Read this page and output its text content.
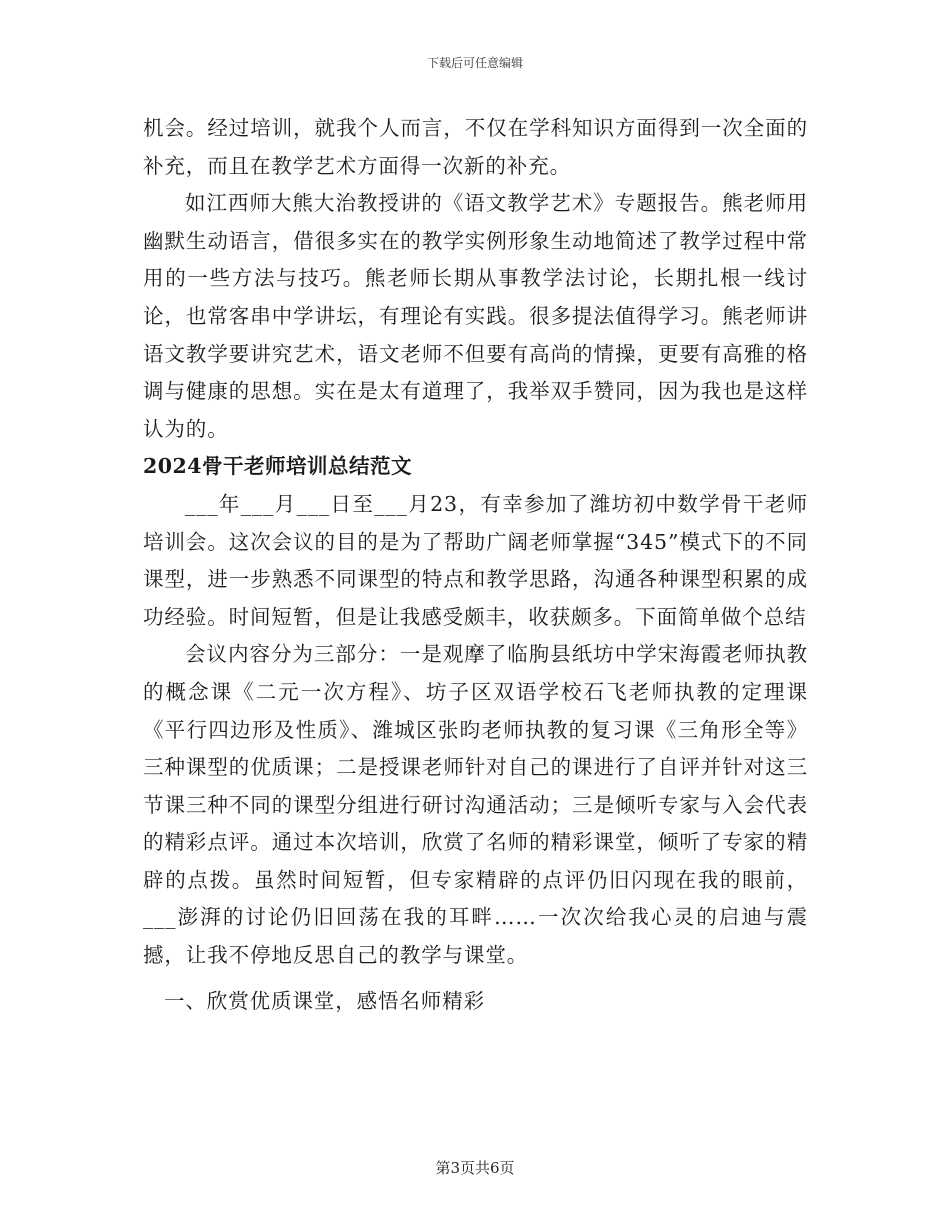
下载后可任意编辑

机会。经过培训，就我个人而言，不仅在学科知识方面得到一次全面的补充，而且在教学艺术方面得一次新的补充。

如江西师大熊大治教授讲的《语文教学艺术》专题报告。熊老师用幽默生动语言，借很多实在的教学实例形象生动地简述了教学过程中常用的一些方法与技巧。熊老师长期从事教学法讨论，长期扎根一线讨论，也常客串中学讲坛，有理论有实践。很多提法值得学习。熊老师讲语文教学要讲究艺术，语文老师不但要有高尚的情操，更要有高雅的格调与健康的思想。实在是太有道理了，我举双手赞同，因为我也是这样认为的。

2024骨干老师培训总结范文

___年___月___日至___月23，有幸参加了潍坊初中数学骨干老师培训会。这次会议的目的是为了帮助广阔老师掌握“345”模式下的不同课型，进一步熟悉不同课型的特点和教学思路，沟通各种课型积累的成功经验。时间短暂，但是让我感受颇丰，收获颇多。下面简单做个总结

会议内容分为三部分：一是观摩了临朐县纸坊中学宋海霞老师执教的概念课《二元一次方程》、坊子区双语学校石飞老师执教的定理课《平行四边形及性质》、潍城区张昀老师执教的复习课《三角形全等》三种课型的优质课；二是授课老师针对自己的课进行了自评并针对这三节课三种不同的课型分组进行研讨沟通活动；三是倾听专家与入会代表的精彩点评。通过本次培训，欣赏了名师的精彩课堂，倾听了专家的精辟的点拨。虽然时间短暂，但专家精辟的点评仍旧闪现在我的眼前，___澎湃的讨论仍旧回荡在我的耳畔……一次次给我心灵的启迪与震撼，让我不停地反思自己的教学与课堂。

一、欣赏优质课堂，感悟名师精彩

第3页共6页
